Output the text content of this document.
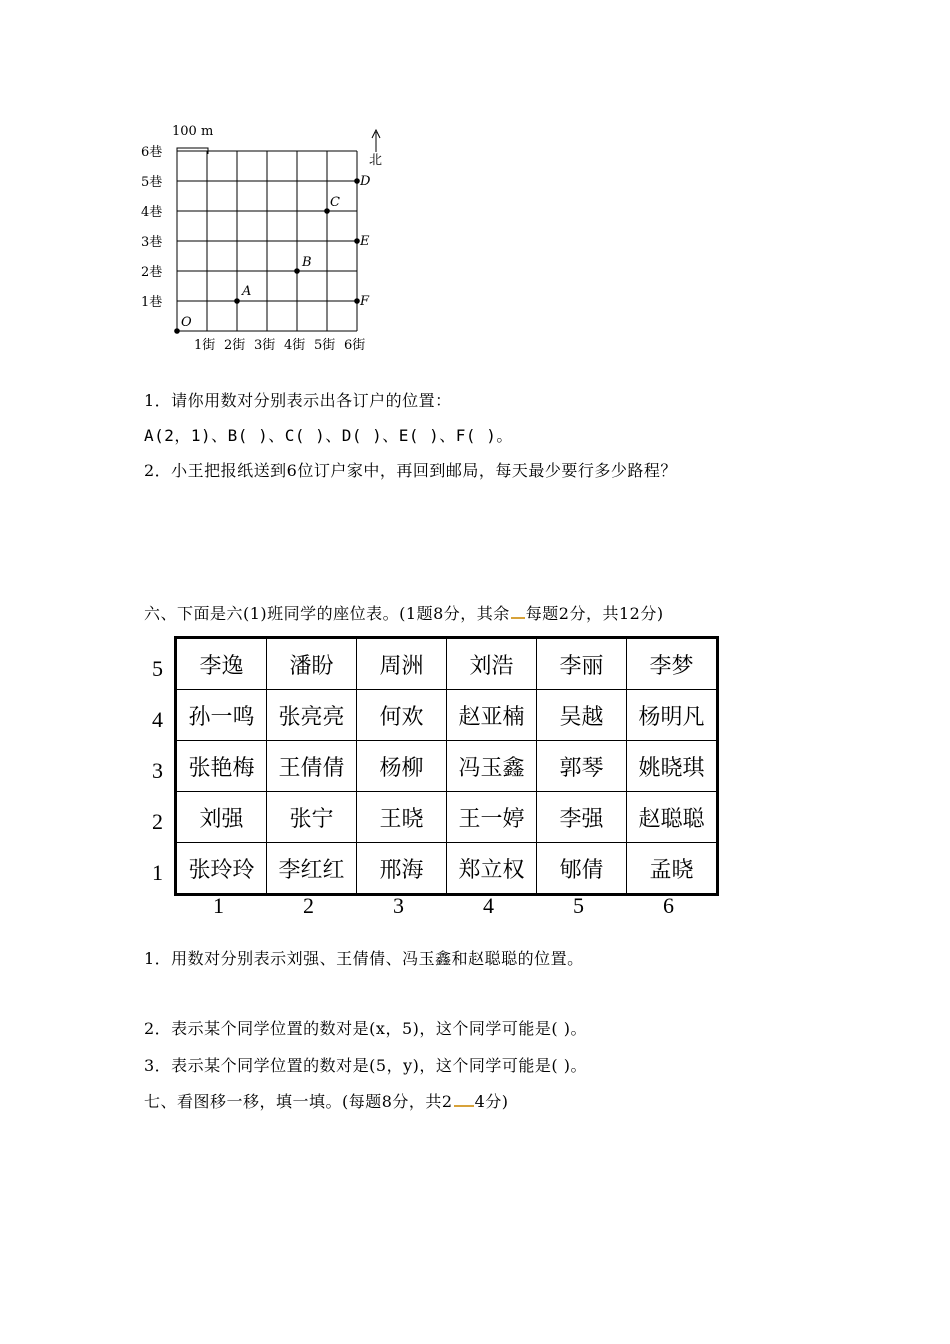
100 m
北
1巷
2巷
3巷
4巷
5巷
6巷
1街 2街 3街 4街 5街 6街
O
A
B
C
D
E
F
1．请你用数对分别表示出各订户的位置：
A(2，1)、B( )、C( )、D( )、E( )、F( )。
2．小王把报纸送到6位订户家中，再回到邮局，每天最少要行多少路程？
六、下面是六(1)班同学的座位表。(1题8分，其余 每题2分，共12分)
5
4
3
2
1
李逸	潘盼	周洲	刘浩	李丽	李梦
孙一鸣	张亮亮	何欢	赵亚楠	吴越	杨明凡
张艳梅	王倩倩	杨柳	冯玉鑫	郭琴	姚晓琪
刘强	张宁	王晓	王一婷	李强	赵聪聪
张玲玲	李红红	邢海	郑立权	郇倩	孟晓
1	2	3	4	5	6
1．用数对分别表示刘强、王倩倩、冯玉鑫和赵聪聪的位置。
2．表示某个同学位置的数对是(x，5)，这个同学可能是( )。
3．表示某个同学位置的数对是(5，y)，这个同学可能是( )。
七、看图移一移，填一填。(每题8分，共2 4分)
